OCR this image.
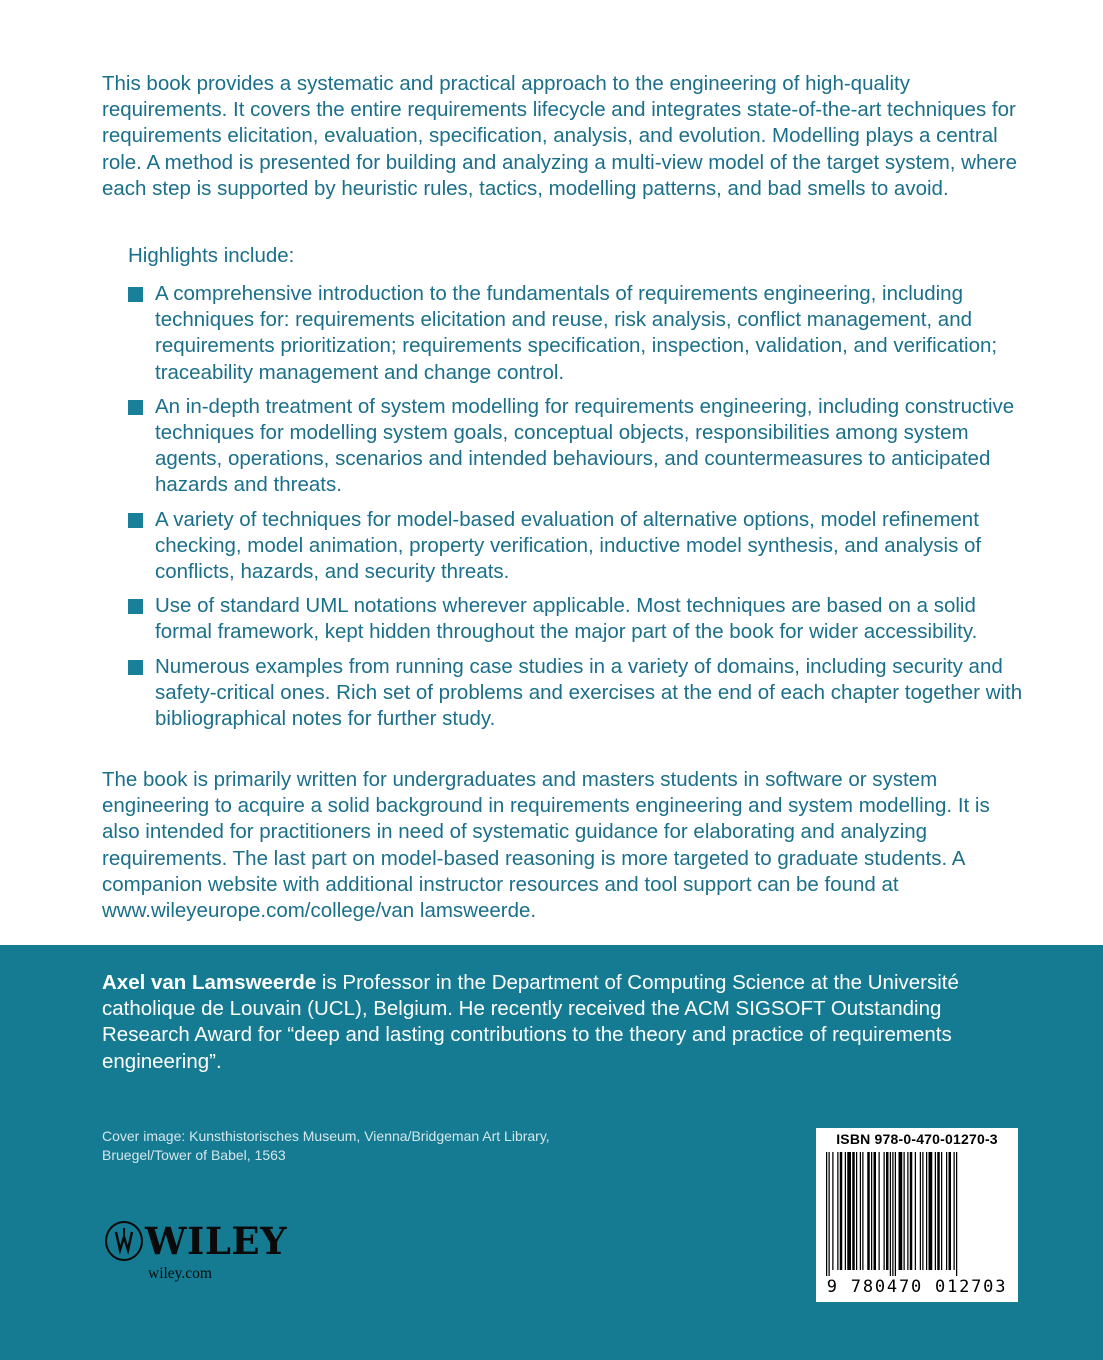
This book provides a systematic and practical approach to the engineering of high-quality requirements. It covers the entire requirements lifecycle and integrates state-of-the-art techniques for requirements elicitation, evaluation, specification, analysis, and evolution. Modelling plays a central role. A method is presented for building and analyzing a multi-view model of the target system, where each step is supported by heuristic rules, tactics, modelling patterns, and bad smells to avoid.

Highlights include:

A comprehensive introduction to the fundamentals of requirements engineering, including techniques for: requirements elicitation and reuse, risk analysis, conflict management, and requirements prioritization; requirements specification, inspection, validation, and verification; traceability management and change control.
An in-depth treatment of system modelling for requirements engineering, including constructive techniques for modelling system goals, conceptual objects, responsibilities among system agents, operations, scenarios and intended behaviours, and countermeasures to anticipated hazards and threats.
A variety of techniques for model-based evaluation of alternative options, model refinement checking, model animation, property verification, inductive model synthesis, and analysis of conflicts, hazards, and security threats.
Use of standard UML notations wherever applicable. Most techniques are based on a solid formal framework, kept hidden throughout the major part of the book for wider accessibility.
Numerous examples from running case studies in a variety of domains, including security and safety-critical ones. Rich set of problems and exercises at the end of each chapter together with bibliographical notes for further study.

The book is primarily written for undergraduates and masters students in software or system engineering to acquire a solid background in requirements engineering and system modelling. It is also intended for practitioners in need of systematic guidance for elaborating and analyzing requirements. The last part on model-based reasoning is more targeted to graduate students. A companion website with additional instructor resources and tool support can be found at www.wileyeurope.com/college/van lamsweerde.

Axel van Lamsweerde is Professor in the Department of Computing Science at the Université catholique de Louvain (UCL), Belgium. He recently received the ACM SIGSOFT Outstanding Research Award for “deep and lasting contributions to the theory and practice of requirements engineering”.

Cover image: Kunsthistorisches Museum, Vienna/Bridgeman Art Library,
Bruegel/Tower of Babel, 1563

WILEY
wiley.com
ISBN 978-0-470-01270-3
9 780470 012703
